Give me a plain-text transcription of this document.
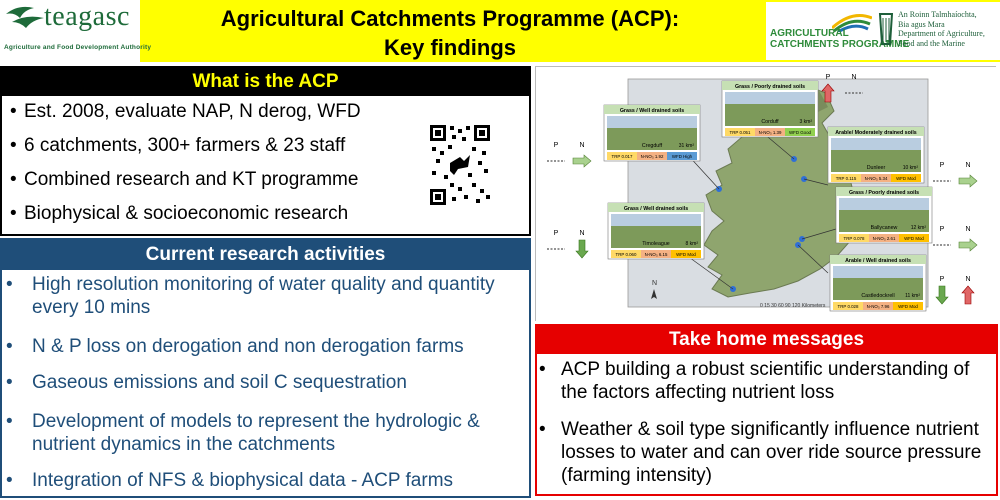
teagasc
Agriculture and Food Development Authority
Agricultural Catchments Programme (ACP):
Key findings
AGRICULTURAL
CATCHMENTS PROGRAMME
An Roinn Talmhaíochta,
Bia agus Mara
Department of Agriculture,
Food and the Marine
What is the ACP
• Est. 2008, evaluate NAP, N derog, WFD
• 6 catchments, 300+ farmers & 23 staff
• Combined research and KT programme
• Biophysical & socioeconomic research
Current research activities
• High resolution monitoring of water quality and quantity every 10 mins
• N & P loss on derogation and non derogation farms
• Gaseous emissions and soil C sequestration
• Development of models to represent the hydrologic & nutrient dynamics in the catchments
• Integration of NFS & biophysical data - ACP farms
0 15 30 60 90 120 Kilometers
N
Grass / Well drained soils
Cregduff	31 km²
TRP 0.017 N-NO₃ 1.92 WFD High
Grass / Poorly drained soils
Corduff	3 km²
TRP 0.051 N-NO₃ 1.39 WFD Good	Arable/ Moderately drained soils
Dunleer	10 km²
TRP 0.115 N-NO₃ 5.34 WFD Mod
Grass / Poorly drained soils
Ballycanew	12 km²
TRP 0.078 N-NO₃ 2.61 WFD Mod
Grass / Well drained soils
Timoleague	8 km²
TRP 0.060 N-NO₃ 6.15 WFD Mod
Arable / Well drained soils
Castledockrell 11 km²
TRP 0.028 N-NO₃ 7.96 WFD Mod
P	N
P	N
P	N
P	N
P	N
P	N
Take home messages
• ACP building a robust scientific understanding of the factors affecting nutrient loss
• Weather & soil type significantly influence nutrient losses to water and can over ride source pressure (farming intensity)
